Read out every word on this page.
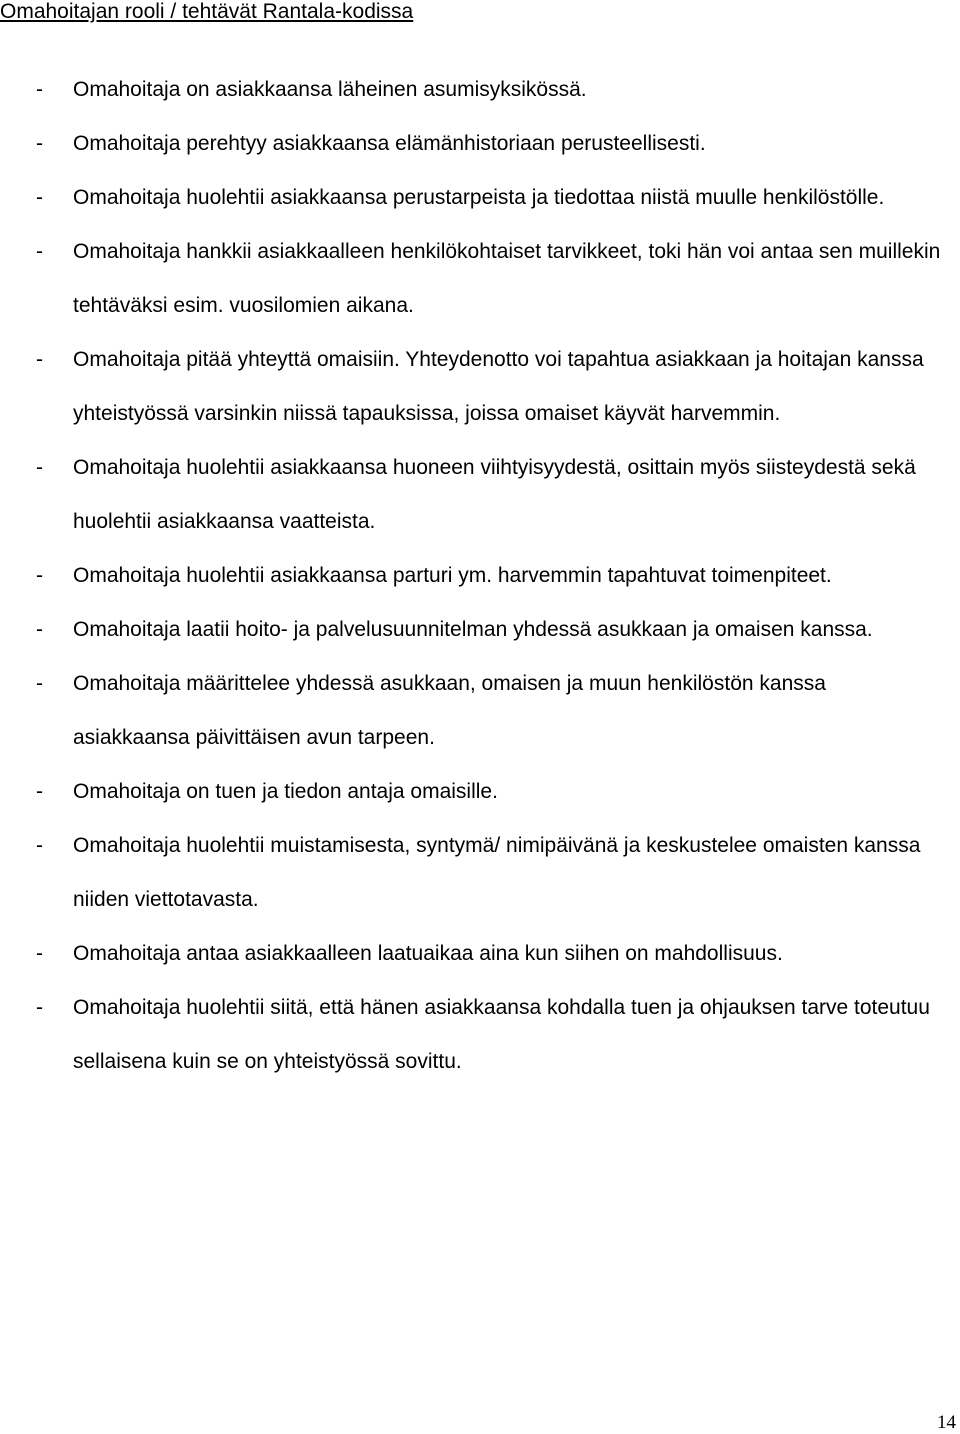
Omahoitajan rooli / tehtävät Rantala-kodissa
- Omahoitaja on asiakkaansa läheinen asumisyksikössä.
- Omahoitaja perehtyy asiakkaansa elämänhistoriaan perusteellisesti.
- Omahoitaja huolehtii asiakkaansa perustarpeista ja tiedottaa niistä muulle henkilöstölle.
- Omahoitaja hankkii asiakkaalleen henkilökohtaiset tarvikkeet, toki hän voi antaa sen muillekin tehtäväksi esim. vuosilomien aikana.
- Omahoitaja pitää yhteyttä omaisiin. Yhteydenotto voi tapahtua asiakkaan ja hoitajan kanssa yhteistyössä varsinkin niissä tapauksissa, joissa omaiset käyvät harvemmin.
- Omahoitaja huolehtii asiakkaansa huoneen viihtyisyydestä, osittain myös siisteydestä sekä huolehtii asiakkaansa vaatteista.
- Omahoitaja huolehtii asiakkaansa parturi ym. harvemmin tapahtuvat toimenpiteet.
- Omahoitaja laatii hoito- ja palvelusuunnitelman yhdessä asukkaan ja omaisen kanssa.
- Omahoitaja määrittelee yhdessä asukkaan, omaisen ja muun henkilöstön kanssa asiakkaansa päivittäisen avun tarpeen.
- Omahoitaja on tuen ja tiedon antaja omaisille.
- Omahoitaja huolehtii muistamisesta, syntymä/ nimipäivänä ja keskustelee omaisten kanssa niiden viettotavasta.
- Omahoitaja antaa asiakkaalleen laatuaikaa aina kun siihen on mahdollisuus.
- Omahoitaja huolehtii siitä, että hänen asiakkaansa kohdalla tuen ja ohjauksen tarve toteutuu sellaisena kuin se on yhteistyössä sovittu.
14
